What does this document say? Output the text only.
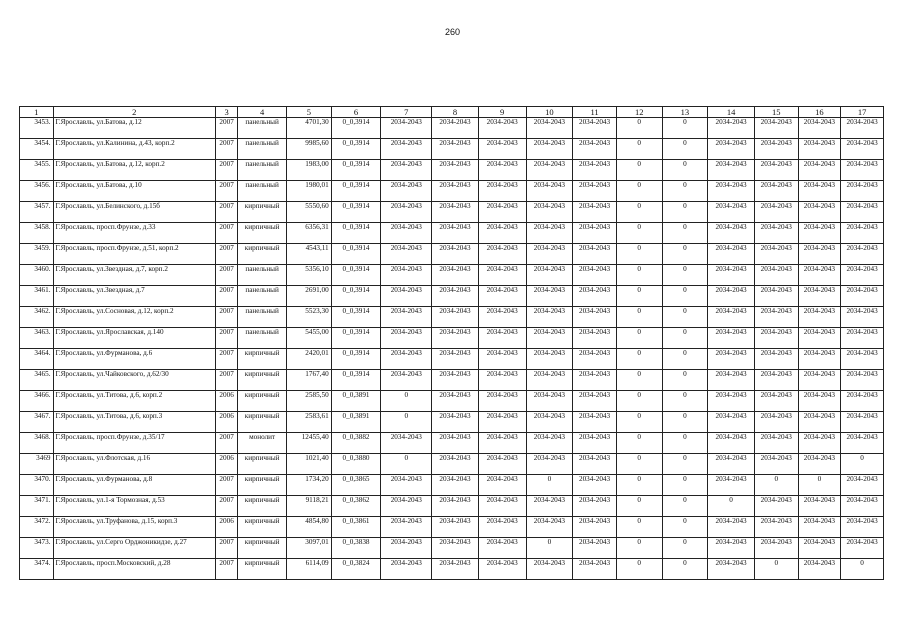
260
1	2	3	4	5	6	7	8	9	10	11	12	13	14	15	16	17
3453.	Г.Ярославль, ул.Батова, д.12	2007	панельный	4701,30	0_0,3914	2034-2043	2034-2043	2034-2043	2034-2043	2034-2043	0	0	2034-2043	2034-2043	2034-2043	2034-2043
3454.	Г.Ярославль, ул.Калинина, д.43, корп.2	2007	панельный	9985,60	0_0,3914	2034-2043	2034-2043	2034-2043	2034-2043	2034-2043	0	0	2034-2043	2034-2043	2034-2043	2034-2043
3455.	Г.Ярославль, ул.Батова, д.12, корп.2	2007	панельный	1983,00	0_0,3914	2034-2043	2034-2043	2034-2043	2034-2043	2034-2043	0	0	2034-2043	2034-2043	2034-2043	2034-2043
3456.	Г.Ярославль, ул.Батова, д.10	2007	панельный	1980,01	0_0,3914	2034-2043	2034-2043	2034-2043	2034-2043	2034-2043	0	0	2034-2043	2034-2043	2034-2043	2034-2043
3457.	Г.Ярославль, ул.Белинского, д.15б	2007	кирпичный	5550,60	0_0,3914	2034-2043	2034-2043	2034-2043	2034-2043	2034-2043	0	0	2034-2043	2034-2043	2034-2043	2034-2043
3458.	Г.Ярославль, просп.Фрунзе, д.33	2007	кирпичный	6356,31	0_0,3914	2034-2043	2034-2043	2034-2043	2034-2043	2034-2043	0	0	2034-2043	2034-2043	2034-2043	2034-2043
3459.	Г.Ярославль, просп.Фрунзе, д.51, корп.2	2007	кирпичный	4543,11	0_0,3914	2034-2043	2034-2043	2034-2043	2034-2043	2034-2043	0	0	2034-2043	2034-2043	2034-2043	2034-2043
3460.	Г.Ярославль, ул.Звездная, д.7, корп.2	2007	панельный	5356,10	0_0,3914	2034-2043	2034-2043	2034-2043	2034-2043	2034-2043	0	0	2034-2043	2034-2043	2034-2043	2034-2043
3461.	Г.Ярославль, ул.Звездная, д.7	2007	панельный	2691,00	0_0,3914	2034-2043	2034-2043	2034-2043	2034-2043	2034-2043	0	0	2034-2043	2034-2043	2034-2043	2034-2043
3462.	Г.Ярославль, ул.Сосновая, д.12, корп.2	2007	панельный	5523,30	0_0,3914	2034-2043	2034-2043	2034-2043	2034-2043	2034-2043	0	0	2034-2043	2034-2043	2034-2043	2034-2043
3463.	Г.Ярославль, ул.Ярославская, д.140	2007	панельный	5455,00	0_0,3914	2034-2043	2034-2043	2034-2043	2034-2043	2034-2043	0	0	2034-2043	2034-2043	2034-2043	2034-2043
3464.	Г.Ярославль, ул.Фурманова, д.6	2007	кирпичный	2420,01	0_0,3914	2034-2043	2034-2043	2034-2043	2034-2043	2034-2043	0	0	2034-2043	2034-2043	2034-2043	2034-2043
3465.	Г.Ярославль, ул.Чайковского, д.62/30	2007	кирпичный	1767,40	0_0,3914	2034-2043	2034-2043	2034-2043	2034-2043	2034-2043	0	0	2034-2043	2034-2043	2034-2043	2034-2043
3466.	Г.Ярославль, ул.Титова, д.6, корп.2	2006	кирпичный	2585,50	0_0,3891	0	2034-2043	2034-2043	2034-2043	2034-2043	0	0	2034-2043	2034-2043	2034-2043	2034-2043
3467.	Г.Ярославль, ул.Титова, д.6, корп.3	2006	кирпичный	2583,61	0_0,3891	0	2034-2043	2034-2043	2034-2043	2034-2043	0	0	2034-2043	2034-2043	2034-2043	2034-2043
3468.	Г.Ярославль, просп.Фрунзе, д.35/17	2007	монолит	12455,40	0_0,3882	2034-2043	2034-2043	2034-2043	2034-2043	2034-2043	0	0	2034-2043	2034-2043	2034-2043	2034-2043
3469	Г.Ярославль, ул.Флотская, д.16	2006	кирпичный	1021,40	0_0,3880	0	2034-2043	2034-2043	2034-2043	2034-2043	0	0	2034-2043	2034-2043	2034-2043	0
3470.	Г.Ярославль, ул.Фурманова, д.8	2007	кирпичный	1734,20	0_0,3865	2034-2043	2034-2043	2034-2043	0	2034-2043	0	0	2034-2043	0	0	2034-2043
3471.	Г.Ярославль, ул.1-я Тормозная, д.53	2007	кирпичный	9118,21	0_0,3862	2034-2043	2034-2043	2034-2043	2034-2043	2034-2043	0	0	0	2034-2043	2034-2043	2034-2043
3472.	Г.Ярославль, ул.Труфанова, д.15, корп.3	2006	кирпичный	4854,80	0_0,3861	2034-2043	2034-2043	2034-2043	2034-2043	2034-2043	0	0	2034-2043	2034-2043	2034-2043	2034-2043
3473.	Г.Ярославль, ул.Серго Орджоникидзе, д.27	2007	кирпичный	3097,01	0_0,3838	2034-2043	2034-2043	2034-2043	0	2034-2043	0	0	2034-2043	2034-2043	2034-2043	2034-2043
3474.	Г.Ярославль, просп.Московский, д.28	2007	кирпичный	6114,09	0_0,3824	2034-2043	2034-2043	2034-2043	2034-2043	2034-2043	0	0	2034-2043	0	2034-2043	0
